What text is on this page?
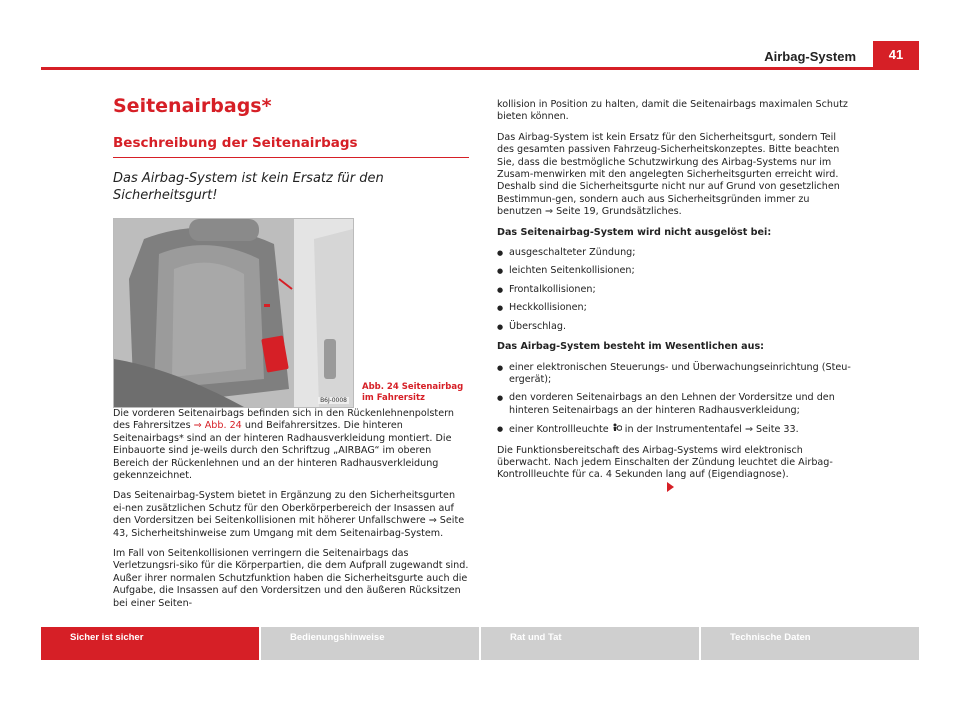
Airbag-System	41
Seitenairbags*
Beschreibung der Seitenairbags

Das Airbag-System ist kein Ersatz für den Sicherheitsgurt!

B6J-0008
Abb. 24 Seitenairbag im Fahrersitz

Die vorderen Seitenairbags befinden sich in den Rückenlehnenpolstern des Fahrersitzes ⇒ Abb. 24 und Beifahrersitzes. Die hinteren Seitenairbags* sind an der hinteren Radhausverkleidung montiert. Die Einbauorte sind je-weils durch den Schriftzug „AIRBAG“ im oberen Bereich der Rückenlehnen und an der hinteren Radhausverkleidung gekennzeichnet.

Das Seitenairbag-System bietet in Ergänzung zu den Sicherheitsgurten ei-nen zusätzlichen Schutz für den Oberkörperbereich der Insassen auf den Vordersitzen bei Seitenkollisionen mit höherer Unfallschwere ⇒ Seite 43, Sicherheitshinweise zum Umgang mit dem Seitenairbag-System.

Im Fall von Seitenkollisionen verringern die Seitenairbags das Verletzungsri-siko für die Körperpartien, die dem Aufprall zugewandt sind. Außer ihrer normalen Schutzfunktion haben die Sicherheitsgurte auch die Aufgabe, die Insassen auf den Vordersitzen und den äußeren Rücksitzen bei einer Seiten-

kollision in Position zu halten, damit die Seitenairbags maximalen Schutz bieten können.

Das Airbag-System ist kein Ersatz für den Sicherheitsgurt, sondern Teil des gesamten passiven Fahrzeug-Sicherheitskonzeptes. Bitte beachten Sie, dass die bestmögliche Schutzwirkung des Airbag-Systems nur im Zusam-menwirken mit den angelegten Sicherheitsgurten erreicht wird. Deshalb sind die Sicherheitsgurte nicht nur auf Grund von gesetzlichen Bestimmun-gen, sondern auch aus Sicherheitsgründen immer zu benutzen ⇒ Seite 19, Grundsätzliches.

Das Seitenairbag-System wird nicht ausgelöst bei:

● ausgeschalteter Zündung;
● leichten Seitenkollisionen;
● Frontalkollisionen;
● Heckkollisionen;
● Überschlag.

Das Airbag-System besteht im Wesentlichen aus:

● einer elektronischen Steuerungs- und Überwachungseinrichtung (Steu-ergerät);
● den vorderen Seitenairbags an den Lehnen der Vordersitze und den hinteren Seitenairbags an der hinteren Radhausverkleidung;
● einer Kontrollleuchte  in der Instrumententafel ⇒ Seite 33.

Die Funktionsbereitschaft des Airbag-Systems wird elektronisch überwacht. Nach jedem Einschalten der Zündung leuchtet die Airbag-Kontrollleuchte für ca. 4 Sekunden lang auf (Eigendiagnose).

Sicher ist sicher	Bedienungshinweise	Rat und Tat	Technische Daten
